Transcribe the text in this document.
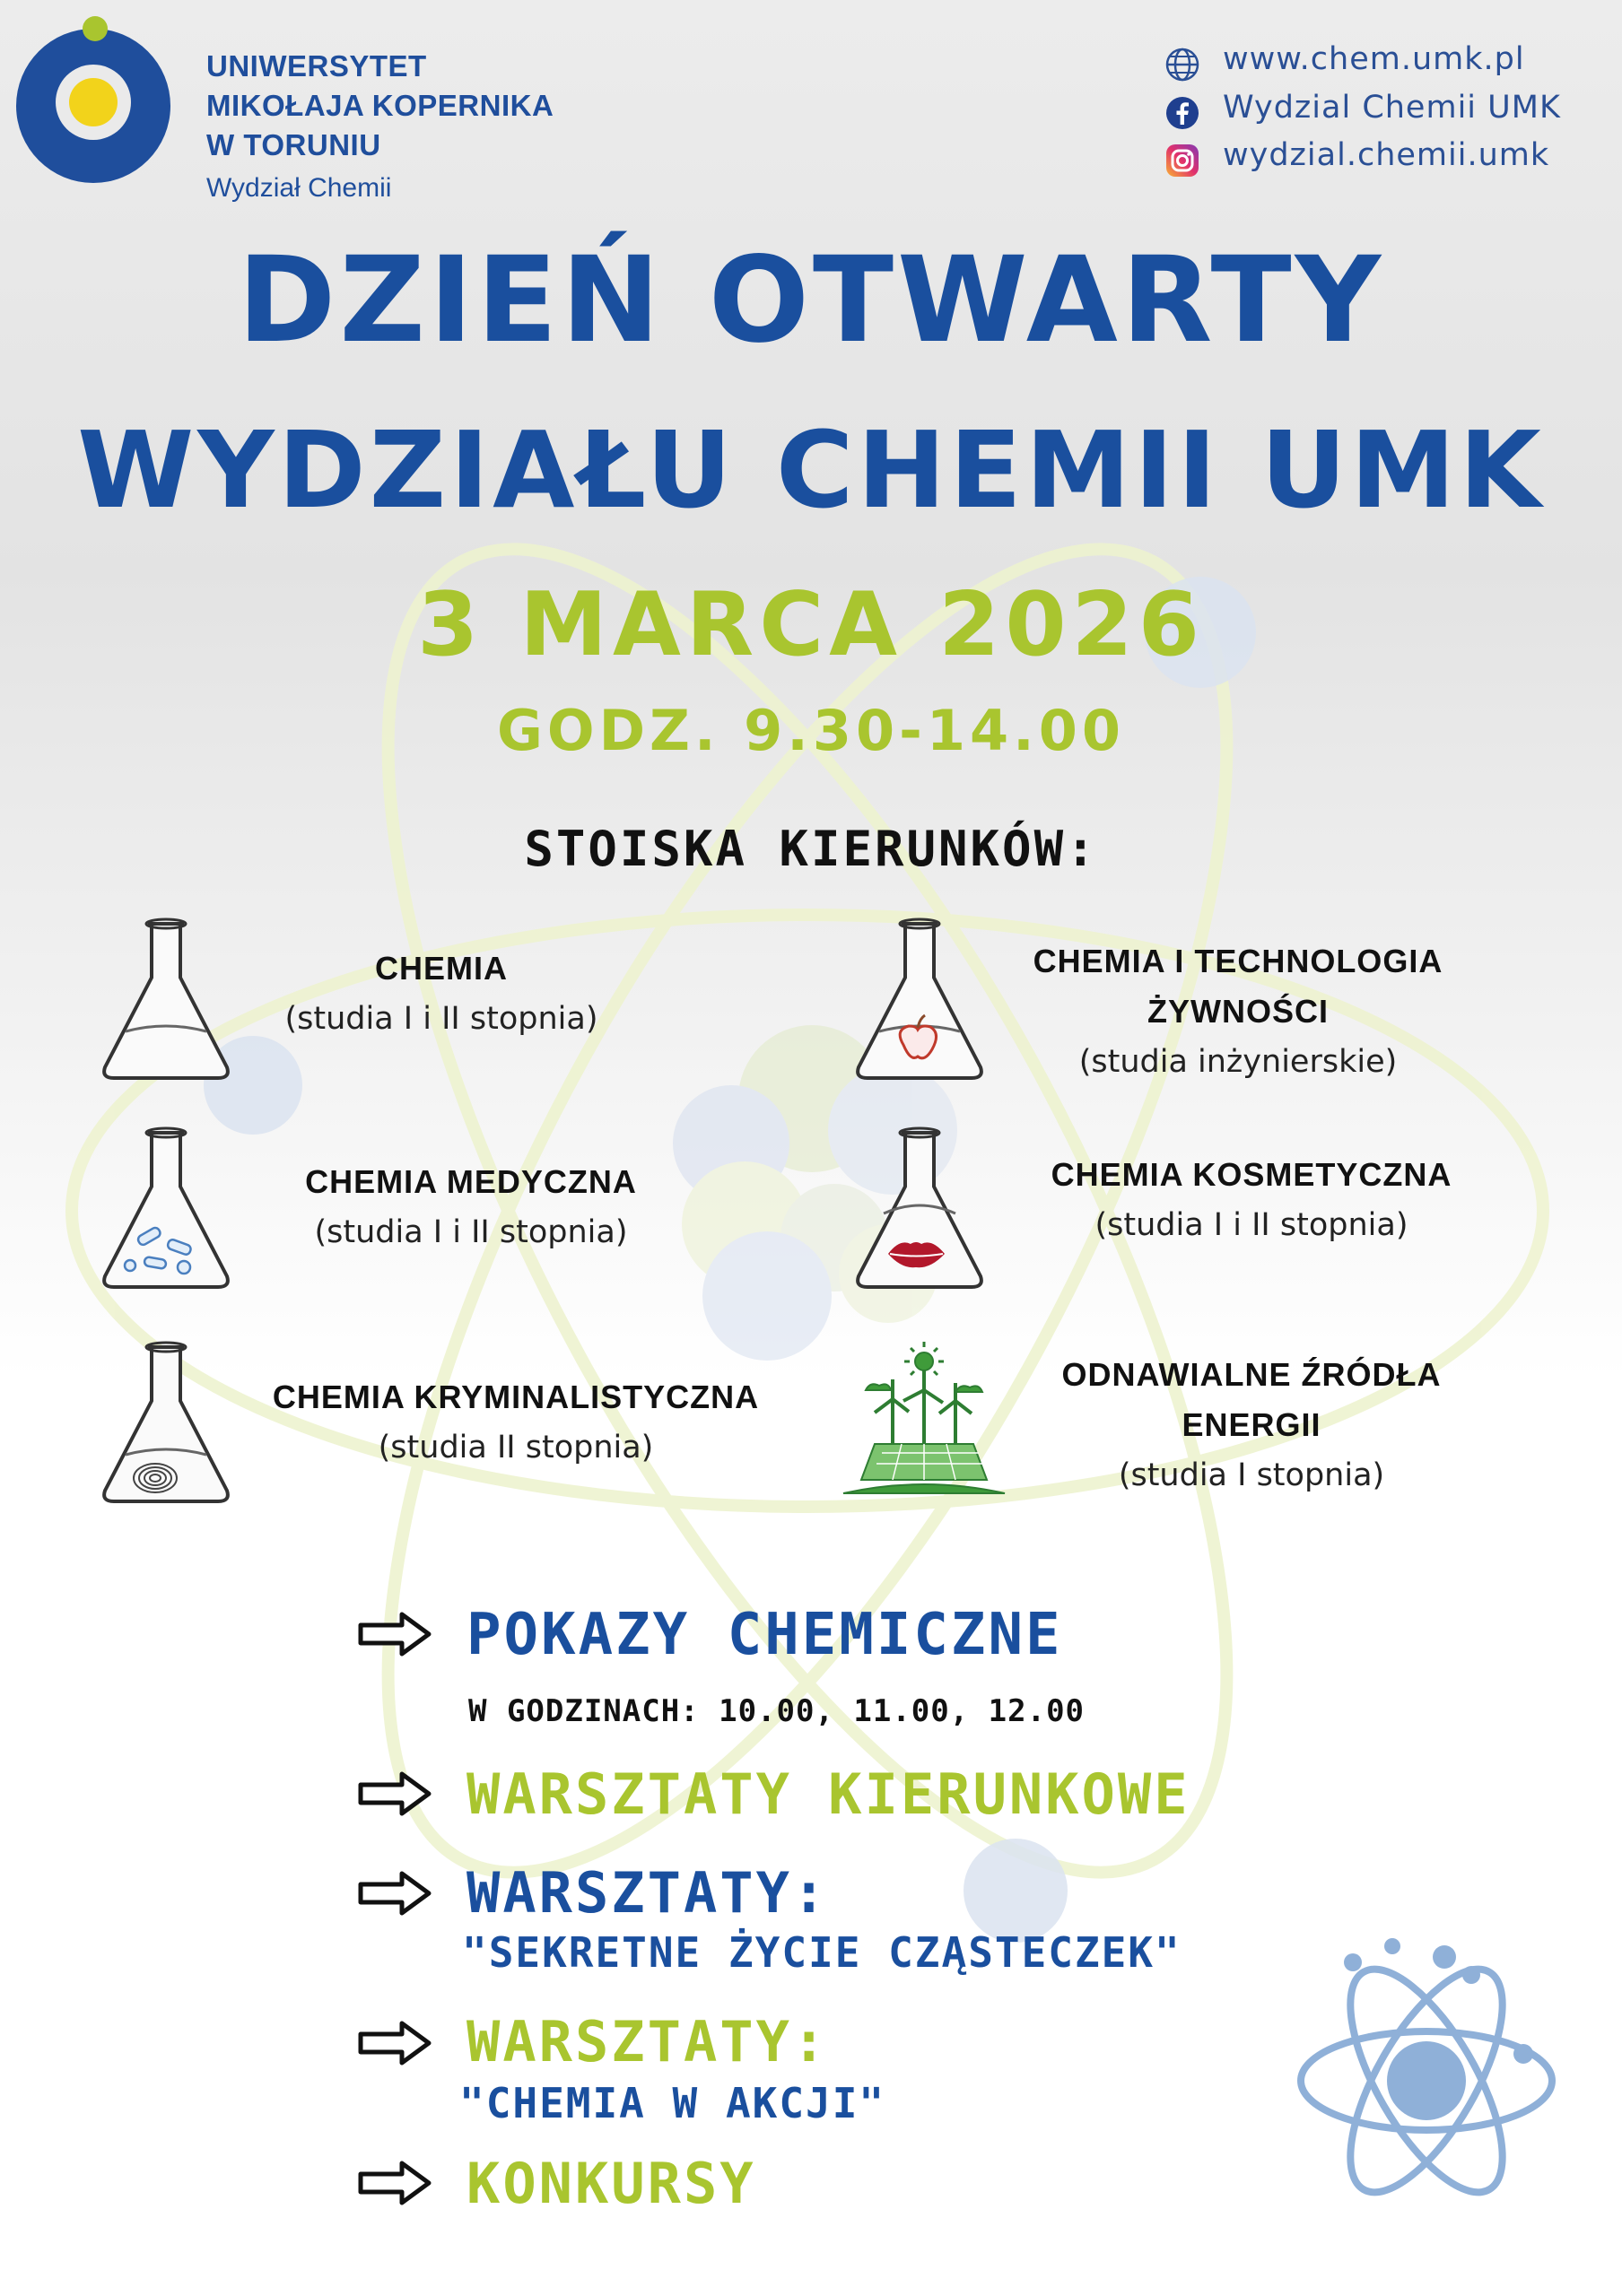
UNIWERSYTET
MIKOŁAJA KOPERNIKA
W TORUNIU
Wydział Chemii
www.chem.umk.pl
Wydzial Chemii UMK
wydzial.chemii.umk
DZIEŃ OTWARTY
WYDZIAŁU CHEMII UMK
3 MARCA 2026
GODZ. 9.30-14.00
STOISKA KIERUNKÓW:
CHEMIA
(studia I i II stopnia)
CHEMIA I TECHNOLOGIA
ŻYWNOŚCI
(studia inżynierskie)
CHEMIA MEDYCZNA
(studia I i II stopnia)
CHEMIA KOSMETYCZNA
(studia I i II stopnia)
CHEMIA KRYMINALISTYCZNA
(studia II stopnia)
ODNAWIALNE ŹRÓDŁA
ENERGII
(studia I stopnia)
POKAZY CHEMICZNE
W GODZINACH: 10.00, 11.00, 12.00
WARSZTATY KIERUNKOWE
WARSZTATY:
"SEKRETNE ŻYCIE CZĄSTECZEK"
WARSZTATY:
"CHEMIA W AKCJI"
KONKURSY
